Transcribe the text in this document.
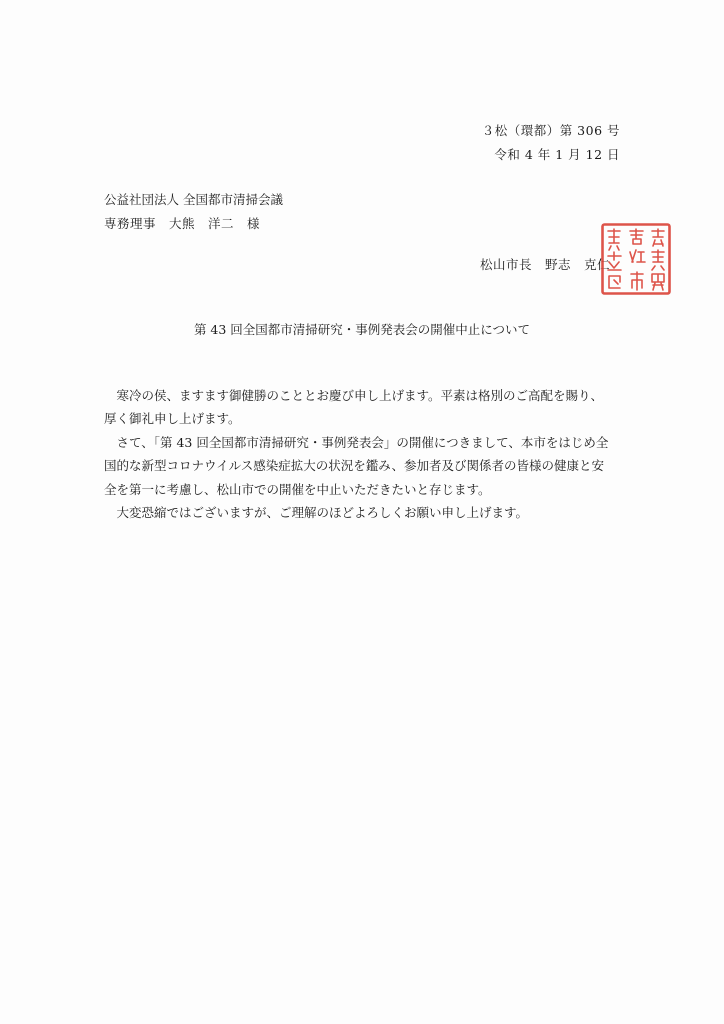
３松（環都）第 306 号
令和 4 年 1 月 12 日
公益社団法人 全国都市清掃会議
専務理事　大熊　洋二　様
松山市長　野志　克仁
第 43 回全国都市清掃研究・事例発表会の開催中止について

寒冷の侯、ますます御健勝のこととお慶び申し上げます。平素は格別のご高配を賜り、

厚く御礼申し上げます。

さて、「第 43 回全国都市清掃研究・事例発表会」の開催につきまして、本市をはじめ全

国的な新型コロナウイルス感染症拡大の状況を鑑み、参加者及び関係者の皆様の健康と安

全を第一に考慮し、松山市での開催を中止いただきたいと存じます。

大変恐縮ではございますが、ご理解のほどよろしくお願い申し上げます。
